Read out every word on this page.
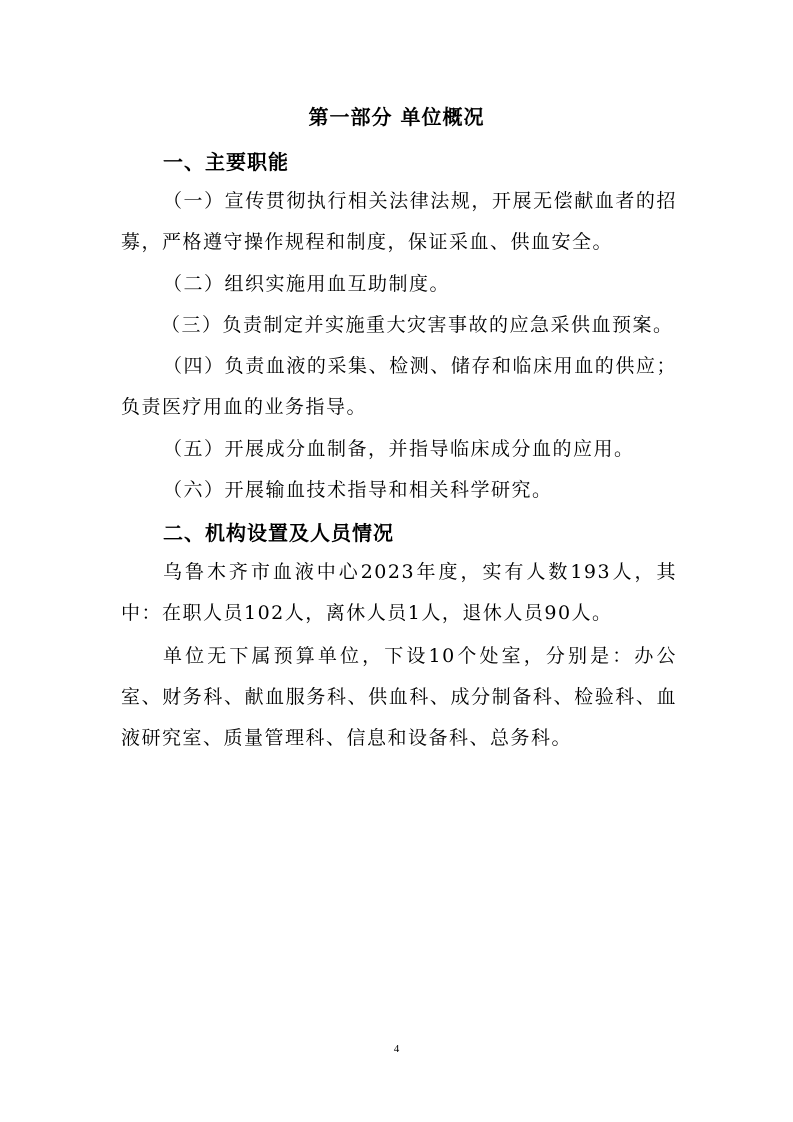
第一部分 单位概况
一、主要职能

（一）宣传贯彻执行相关法律法规，开展无偿献血者的招募，严格遵守操作规程和制度，保证采血、供血安全。

（二）组织实施用血互助制度。

（三）负责制定并实施重大灾害事故的应急采供血预案。

（四）负责血液的采集、检测、储存和临床用血的供应；负责医疗用血的业务指导。

（五）开展成分血制备，并指导临床成分血的应用。

（六）开展输血技术指导和相关科学研究。

二、机构设置及人员情况

乌鲁木齐市血液中心2023年度，实有人数193人，其中：在职人员102人，离休人员1人，退休人员90人。

单位无下属预算单位，下设10个处室，分别是：办公室、财务科、献血服务科、供血科、成分制备科、检验科、血液研究室、质量管理科、信息和设备科、总务科。

4
